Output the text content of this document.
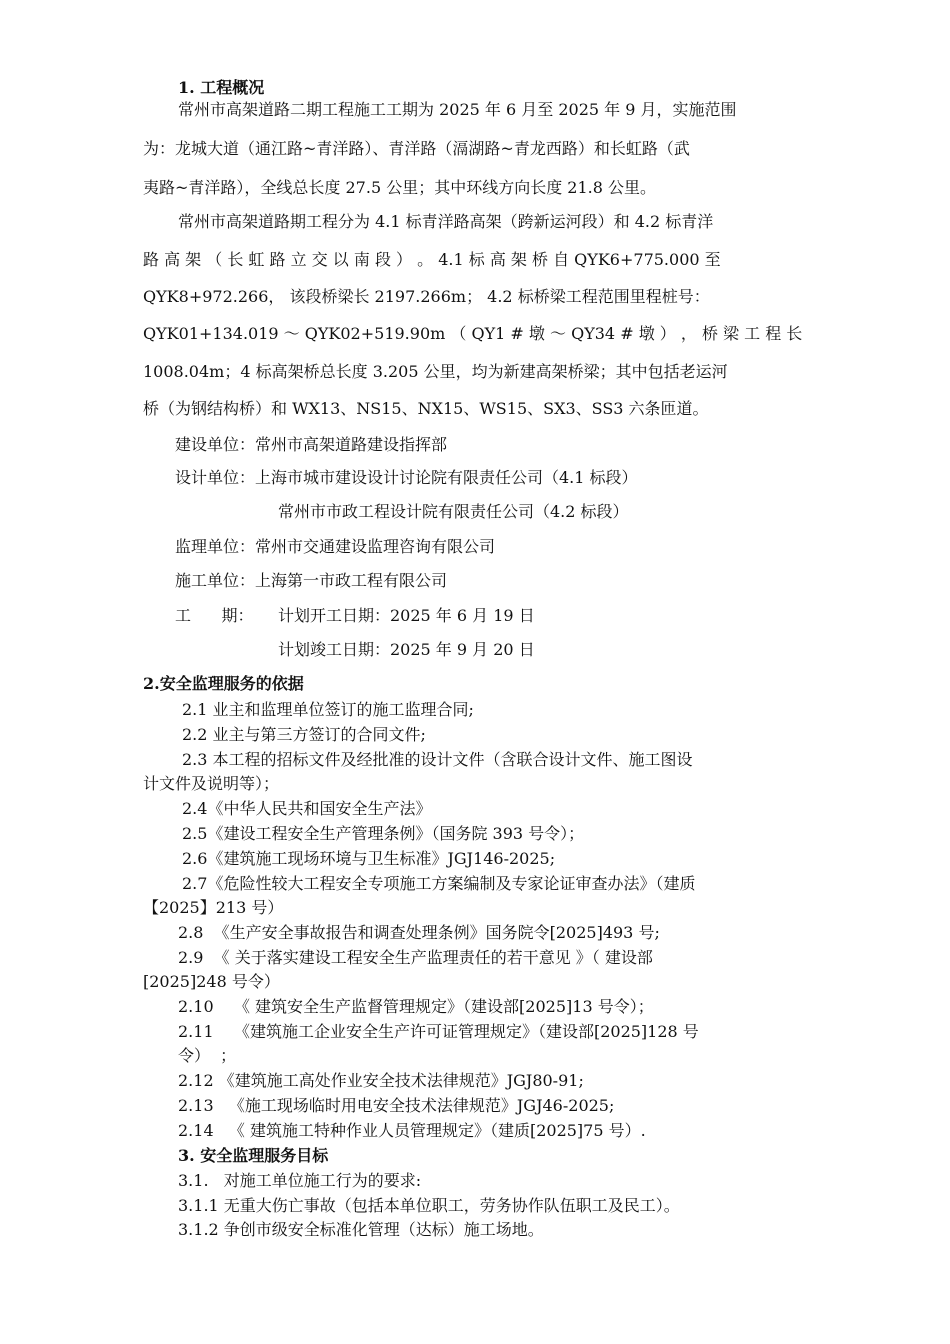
1. 工程概况
常州市高架道路二期工程施工工期为 2025 年 6 月至 2025 年 9 月，实施范围
为：龙城大道（通江路~青洋路）、青洋路（滆湖路~青龙西路）和长虹路（武
夷路~青洋路），全线总长度 27.5 公里；其中环线方向长度 21.8 公里。
常州市高架道路期工程分为 4.1 标青洋路高架（跨新运河段）和 4.2 标青洋
路 高 架 （ 长 虹 路 立 交 以 南 段 ） 。 4.1 标 高 架 桥 自 QYK6+775.000 至
QYK8+972.266， 该段桥梁长 2197.266m； 4.2 标桥梁工程范围里程桩号：
QYK01+134.019 ～ QYK02+519.90m （ QY1 # 墩 ～ QY34 # 墩 ） ， 桥 梁 工 程 长
1008.04m；4 标高架桥总长度 3.205 公里，均为新建高架桥梁；其中包括老运河
桥（为钢结构桥）和 WX13、NS15、NX15、WS15、SX3、SS3 六条匝道。
建设单位：常州市高架道路建设指挥部
设计单位：上海市城市建设设计讨论院有限责任公司（4.1 标段）
常州市市政工程设计院有限责任公司（4.2 标段）
监理单位：常州市交通建设监理咨询有限公司
施工单位：上海第一市政工程有限公司
工      期： 计划开工日期：2025 年 6 月 19 日
计划竣工日期：2025 年 9 月 20 日
2.安全监理服务的依据
2.1 业主和监理单位签订的施工监理合同;
2.2 业主与第三方签订的合同文件;
2.3 本工程的招标文件及经批准的设计文件（含联合设计文件、施工图设
计文件及说明等）；
2.4《中华人民共和国安全生产法》
2.5《建设工程安全生产管理条例》（国务院 393 号令）；
2.6《建筑施工现场环境与卫生标准》JGJ146-2025;
2.7《危险性较大工程安全专项施工方案编制及专家论证审查办法》（建质
【2025】213 号）
2.8  《生产安全事故报告和调查处理条例》国务院令[2025]493 号;
2.9  《 关于落实建设工程安全生产监理责任的若干意见 》（ 建设部
[2025]248 号令）
2.10    《 建筑安全生产监督管理规定》（建设部[2025]13 号令）；
2.11    《建筑施工企业安全生产许可证管理规定》（建设部[2025]128 号
令）  ；
2.12 《建筑施工高处作业安全技术法律规范》JGJ80-91;
2.13   《施工现场临时用电安全技术法律规范》JGJ46-2025;
2.14   《 建筑施工特种作业人员管理规定》（建质[2025]75 号）.
3. 安全监理服务目标
3.1.   对施工单位施工行为的要求:
3.1.1 无重大伤亡事故（包括本单位职工，劳务协作队伍职工及民工）。
3.1.2 争创市级安全标准化管理（达标）施工场地。
